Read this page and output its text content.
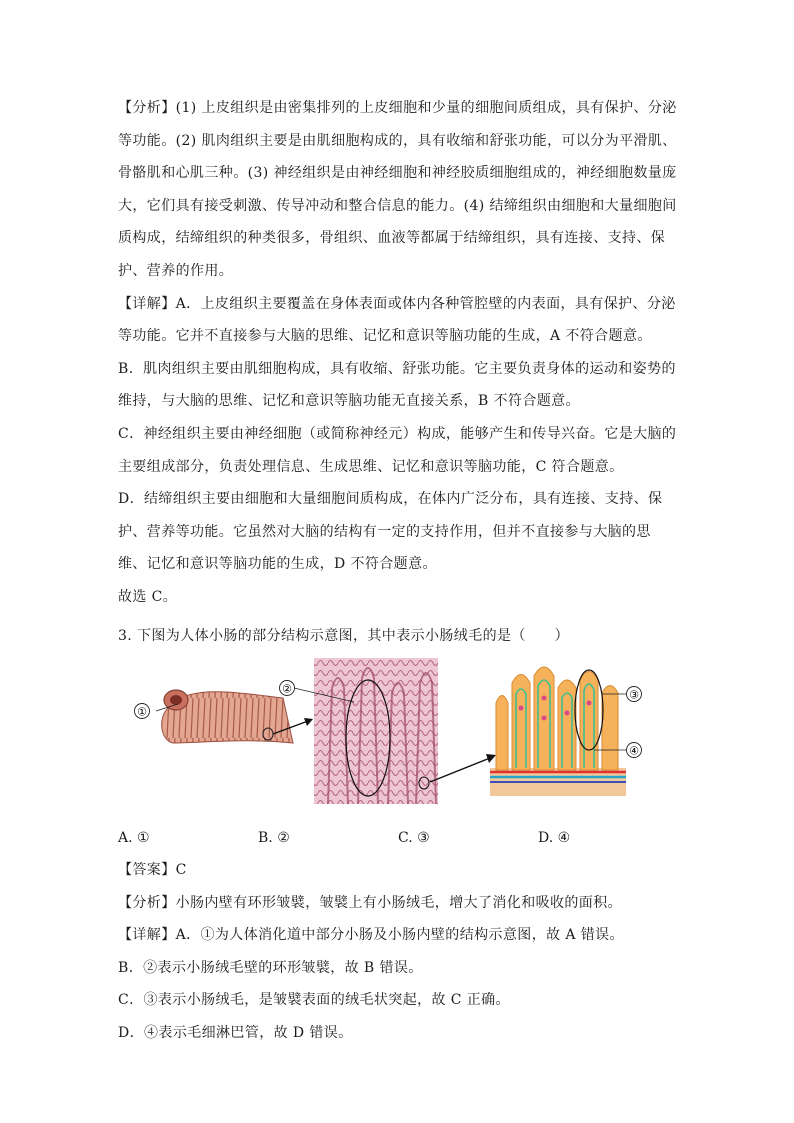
【分析】(1) 上皮组织是由密集排列的上皮细胞和少量的细胞间质组成，具有保护、分泌等功能。(2) 肌肉组织主要是由肌细胞构成的，具有收缩和舒张功能，可以分为平滑肌、骨骼肌和心肌三种。(3) 神经组织是由神经细胞和神经胶质细胞组成的，神经细胞数量庞大，它们具有接受刺激、传导冲动和整合信息的能力。(4) 结缔组织由细胞和大量细胞间质构成，结缔组织的种类很多，骨组织、血液等都属于结缔组织，具有连接、支持、保护、营养的作用。

【详解】A．上皮组织主要覆盖在身体表面或体内各种管腔壁的内表面，具有保护、分泌等功能。它并不直接参与大脑的思维、记忆和意识等脑功能的生成，A 不符合题意。

B．肌肉组织主要由肌细胞构成，具有收缩、舒张功能。它主要负责身体的运动和姿势的维持，与大脑的思维、记忆和意识等脑功能无直接关系，B 不符合题意。

C．神经组织主要由神经细胞（或简称神经元）构成，能够产生和传导兴奋。它是大脑的主要组成部分，负责处理信息、生成思维、记忆和意识等脑功能，C 符合题意。

D．结缔组织主要由细胞和大量细胞间质构成，在体内广泛分布，具有连接、支持、保护、营养等功能。它虽然对大脑的结构有一定的支持作用，但并不直接参与大脑的思维、记忆和意识等脑功能的生成，D 不符合题意。

故选 C。

3. 下图为人体小肠的部分结构示意图，其中表示小肠绒毛的是（　　）

①
②	③
④
A. ①	B. ②	C. ③	D. ④

【答案】C

【分析】小肠内壁有环形皱襞，皱襞上有小肠绒毛，增大了消化和吸收的面积。

【详解】A．①为人体消化道中部分小肠及小肠内壁的结构示意图，故 A 错误。

B．②表示小肠绒毛壁的环形皱襞，故 B 错误。

C．③表示小肠绒毛，是皱襞表面的绒毛状突起，故 C 正确。

D．④表示毛细淋巴管，故 D 错误。
